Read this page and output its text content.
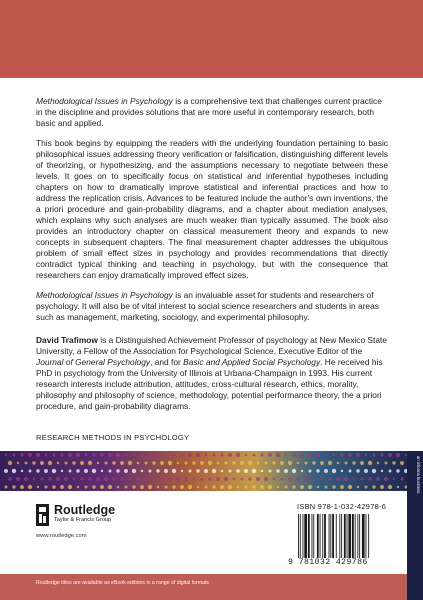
Methodological Issues in Psychology is a comprehensive text that challenges current practice in the discipline and provides solutions that are more useful in contemporary research, both basic and applied.

This book begins by equipping the readers with the underlying foundation pertaining to basic philosophical issues addressing theory verification or falsification, distinguishing different levels of theorizing, or hypothesizing, and the assumptions necessary to negotiate between these levels. It goes on to specifically focus on statistical and inferential hypotheses including chapters on how to dramatically improve statistical and inferential practices and how to address the replication crisis. Advances to be featured include the author's own inventions, the a priori procedure and gain-probability diagrams, and a chapter about mediation analyses, which explains why such analyses are much weaker than typically assumed. The book also provides an introductory chapter on classical measurement theory and expands to new concepts in subsequent chapters. The final measurement chapter addresses the ubiquitous problem of small effect sizes in psychology and provides recommendations that directly contradict typical thinking and teaching in psychology, but with the consequence that researchers can enjoy dramatically improved effect sizes.

Methodological Issues in Psychology is an invaluable asset for students and researchers of psychology. It will also be of vital interest to social science researchers and students in areas such as management, marketing, sociology, and experimental philosophy.

David Trafimow is a Distinguished Achievement Professor of psychology at New Mexico State University, a Fellow of the Association for Psychological Science, Executive Editor of the Journal of General Psychology, and for Basic and Applied Social Psychology. He received his PhD in psychology from the University of Illinois at Urbana-Champaign in 1993. His current research interests include attribution, attitudes, cross-cultural research, ethics, morality, philosophy and philosophy of science, methodology, potential performance theory, the a priori procedure, and gain-probability diagrams.

RESEARCH METHODS IN PSYCHOLOGY
an informa business
Routledge
Taylor & Francis Group
www.routledge.com
ISBN 978-1-032-42978-6
9 781032 429786
Routledge titles are available as eBook editions in a range of digital formats
